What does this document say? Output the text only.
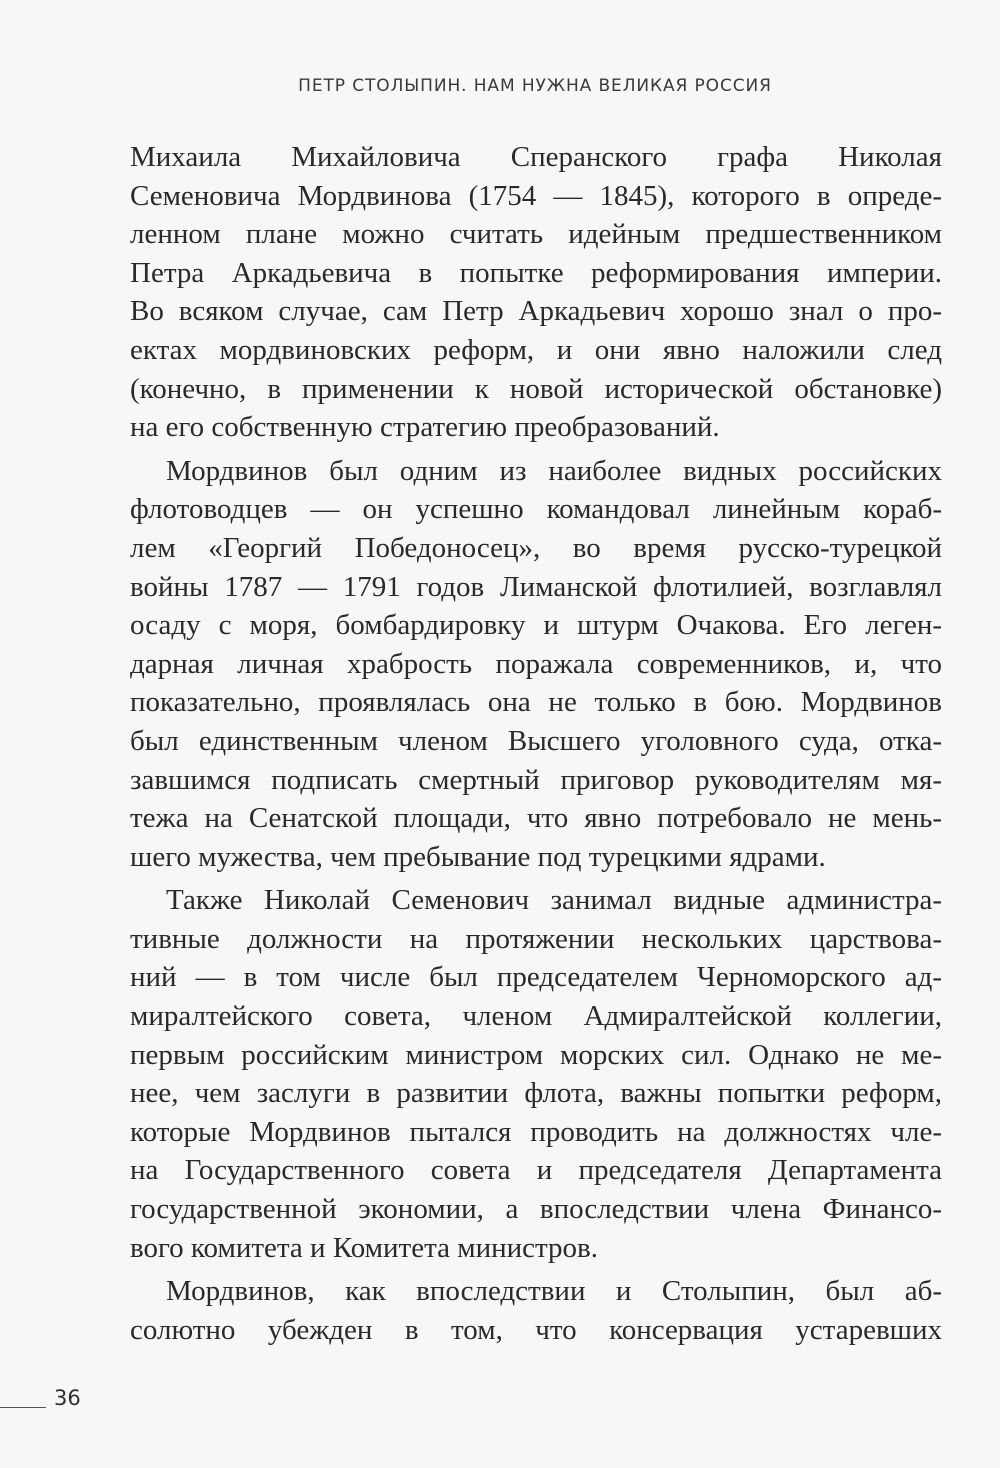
ПЕТР СТОЛЫПИН. НАМ НУЖНА ВЕЛИКАЯ РОССИЯ
Михаила Михайловича Сперанского графа Николая
Семеновича Мордвинова (1754 — 1845), которого в опреде-
ленном плане можно считать идейным предшественником
Петра Аркадьевича в попытке реформирования империи.
Во всяком случае, сам Петр Аркадьевич хорошо знал о про-
ектах мордвиновских реформ, и они явно наложили след
(конечно, в применении к новой исторической обстановке)
на его собственную стратегию преобразований.
Мордвинов был одним из наиболее видных российских
флотоводцев — он успешно командовал линейным кораб-
лем «Георгий Победоносец», во время русско-турецкой
войны 1787 — 1791 годов Лиманской флотилией, возглавлял
осаду с моря, бомбардировку и штурм Очакова. Его леген-
дарная личная храбрость поражала современников, и, что
показательно, проявлялась она не только в бою. Мордвинов
был единственным членом Высшего уголовного суда, отка-
завшимся подписать смертный приговор руководителям мя-
тежа на Сенатской площади, что явно потребовало не мень-
шего мужества, чем пребывание под турецкими ядрами.
Также Николай Семенович занимал видные администра-
тивные должности на протяжении нескольких царствова-
ний — в том числе был председателем Черноморского ад-
миралтейского совета, членом Адмиралтейской коллегии,
первым российским министром морских сил. Однако не ме-
нее, чем заслуги в развитии флота, важны попытки реформ,
которые Мордвинов пытался проводить на должностях чле-
на Государственного совета и председателя Департамента
государственной экономии, а впоследствии члена Финансо-
вого комитета и Комитета министров.
Мордвинов, как впоследствии и Столыпин, был аб-
солютно убежден в том, что консервация устаревших
36
